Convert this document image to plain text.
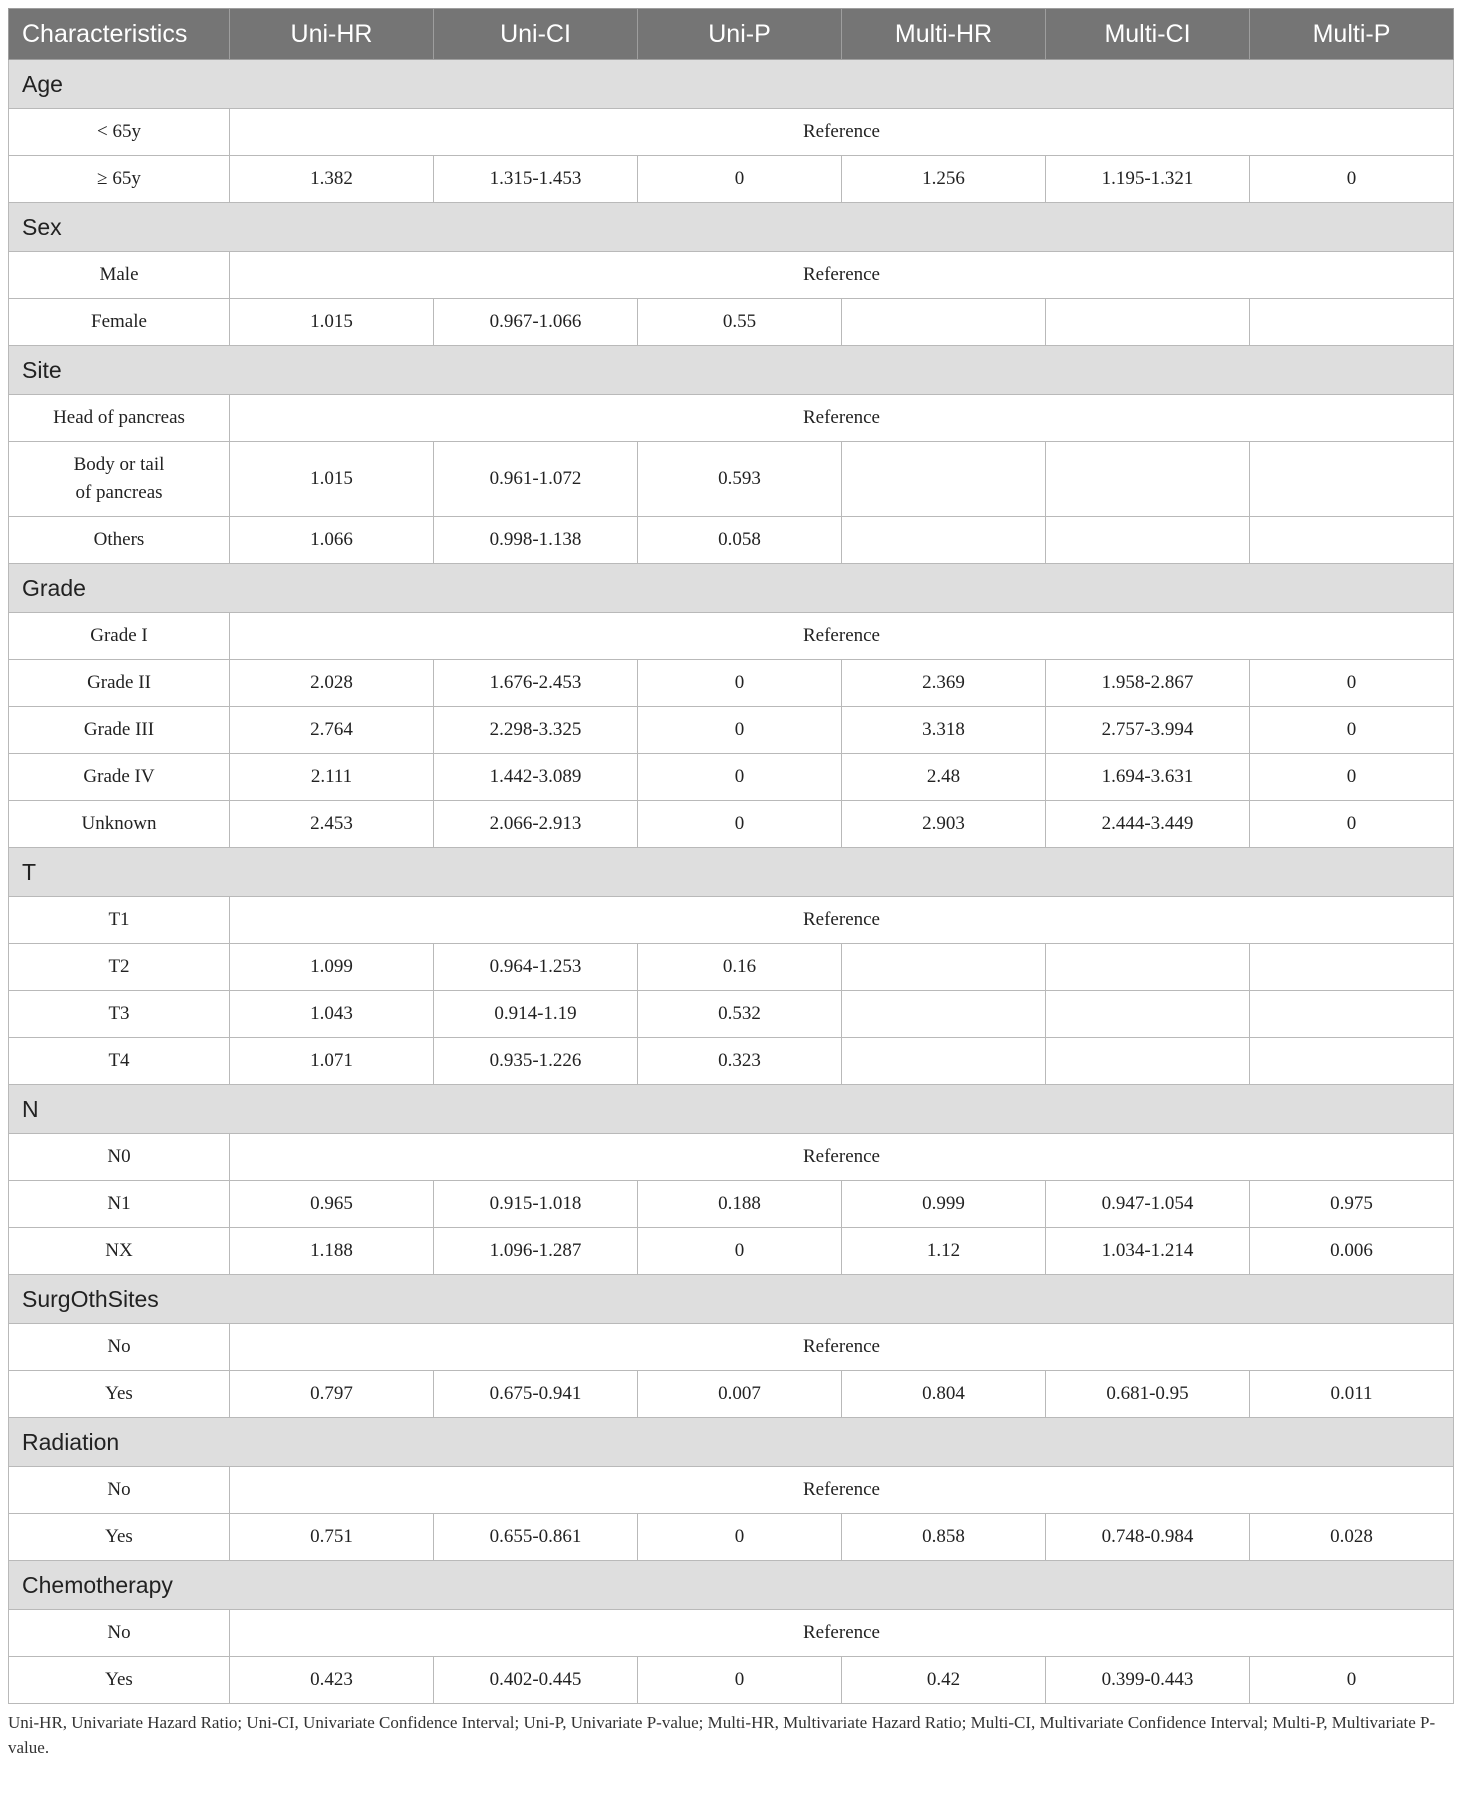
Characteristics	Uni-HR	Uni-CI	Uni-P	Multi-HR	Multi-CI	Multi-P
Age						
< 65y	Reference					
≥ 65y	1.382	1.315-1.453	0	1.256	1.195-1.321	0
Sex						
Male	Reference					
Female	1.015	0.967-1.066	0.55			
Site						
Head of pancreas	Reference					
Body or tail
of pancreas	1.015	0.961-1.072	0.593			
Others	1.066	0.998-1.138	0.058			
Grade						
Grade I	Reference					
Grade II	2.028	1.676-2.453	0	2.369	1.958-2.867	0
Grade III	2.764	2.298-3.325	0	3.318	2.757-3.994	0
Grade IV	2.111	1.442-3.089	0	2.48	1.694-3.631	0
Unknown	2.453	2.066-2.913	0	2.903	2.444-3.449	0
T						
T1	Reference					
T2	1.099	0.964-1.253	0.16			
T3	1.043	0.914-1.19	0.532			
T4	1.071	0.935-1.226	0.323			
N						
N0	Reference					
N1	0.965	0.915-1.018	0.188	0.999	0.947-1.054	0.975
NX	1.188	1.096-1.287	0	1.12	1.034-1.214	0.006
SurgOthSites						
No	Reference					
Yes	0.797	0.675-0.941	0.007	0.804	0.681-0.95	0.011
Radiation						
No	Reference					
Yes	0.751	0.655-0.861	0	0.858	0.748-0.984	0.028
Chemotherapy						
No	Reference					
Yes	0.423	0.402-0.445	0	0.42	0.399-0.443	0
Uni-HR, Univariate Hazard Ratio; Uni-CI, Univariate Confidence Interval; Uni-P, Univariate P-value; Multi-HR, Multivariate Hazard Ratio; Multi-CI, Multivariate Confidence Interval; Multi-P, Multivariate P-value.
